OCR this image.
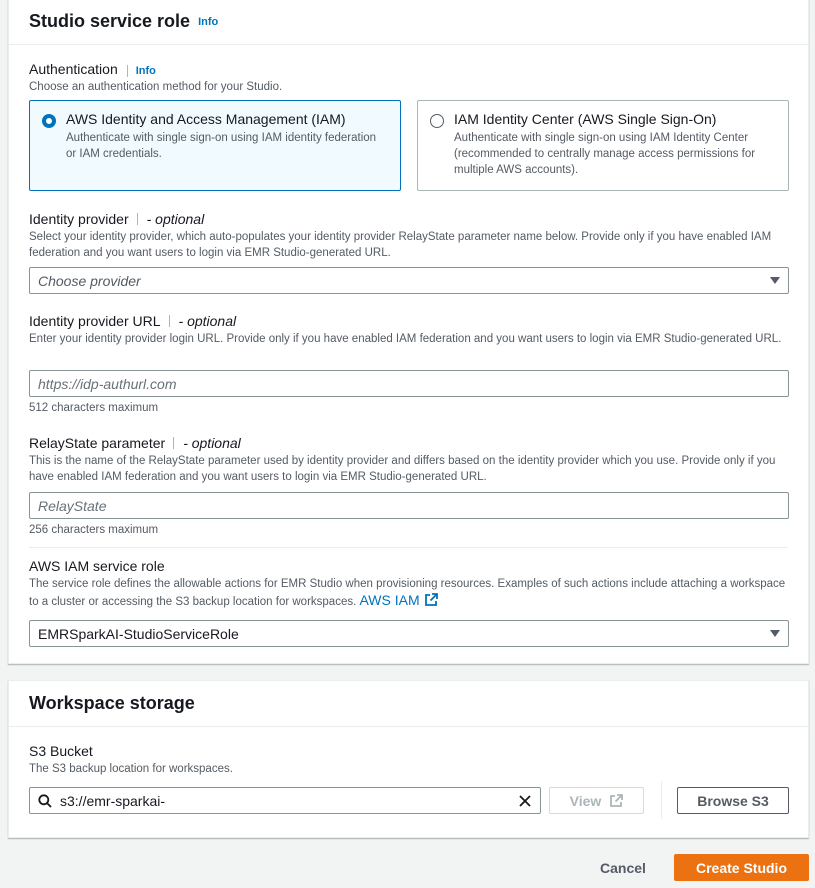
Studio service role Info
Authentication	Info
Choose an authentication method for your Studio.
AWS Identity and Access Management (IAM)
Authenticate with single sign-on using IAM identity federation or IAM credentials.
IAM Identity Center (AWS Single Sign-On)
Authenticate with single sign-on using IAM Identity Center (recommended to centrally manage access permissions for multiple AWS accounts).
Identity provider	- optional
Select your identity provider, which auto-populates your identity provider RelayState parameter name below. Provide only if you have enabled IAM federation and you want users to login via EMR Studio-generated URL.
Choose provider
Identity provider URL	- optional
Enter your identity provider login URL. Provide only if you have enabled IAM federation and you want users to login via EMR Studio-generated URL.
https://idp-authurl.com
512 characters maximum
RelayState parameter	- optional
This is the name of the RelayState parameter used by identity provider and differs based on the identity provider which you use. Provide only if you have enabled IAM federation and you want users to login via EMR Studio-generated URL.
RelayState
256 characters maximum
AWS IAM service role
The service role defines the allowable actions for EMR Studio when provisioning resources. Examples of such actions include attaching a workspace to a cluster or accessing the S3 backup location for workspaces. AWS IAM
EMRSparkAI-StudioServiceRole
Workspace storage
S3 Bucket
The S3 backup location for workspaces.
s3://emr-sparkai-
View	Browse S3
Cancel	Create Studio
